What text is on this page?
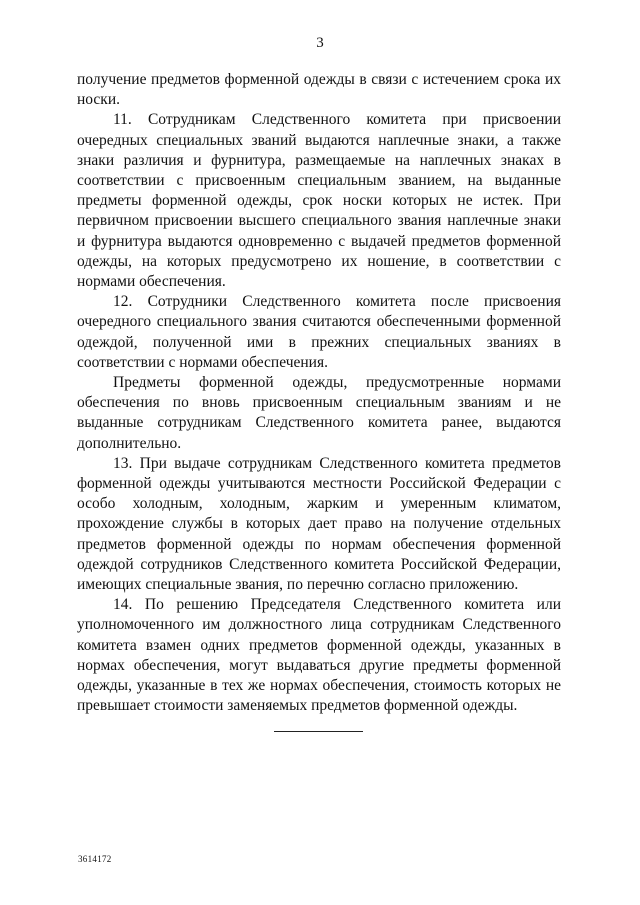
3

получение предметов форменной одежды в связи с истечением срока их носки.

11. Сотрудникам Следственного комитета при присвоении очередных специальных званий выдаются наплечные знаки, а также знаки различия и фурнитура, размещаемые на наплечных знаках в соответствии с присвоенным специальным званием, на выданные предметы форменной одежды, срок носки которых не истек. При первичном присвоении высшего специального звания наплечные знаки и фурнитура выдаются одновременно с выдачей предметов форменной одежды, на которых предусмотрено их ношение, в соответствии с нормами обеспечения.

12. Сотрудники Следственного комитета после присвоения очередного специального звания считаются обеспеченными форменной одеждой, полученной ими в прежних специальных званиях в соответствии с нормами обеспечения.

Предметы форменной одежды, предусмотренные нормами обеспечения по вновь присвоенным специальным званиям и не выданные сотрудникам Следственного комитета ранее, выдаются дополнительно.

13. При выдаче сотрудникам Следственного комитета предметов форменной одежды учитываются местности Российской Федерации с особо холодным, холодным, жарким и умеренным климатом, прохождение службы в которых дает право на получение отдельных предметов форменной одежды по нормам обеспечения форменной одеждой сотрудников Следственного комитета Российской Федерации, имеющих специальные звания, по перечню согласно приложению.

14. По решению Председателя Следственного комитета или уполномоченного им должностного лица сотрудникам Следственного комитета взамен одних предметов форменной одежды, указанных в нормах обеспечения, могут выдаваться другие предметы форменной одежды, указанные в тех же нормах обеспечения, стоимость которых не превышает стоимости заменяемых предметов форменной одежды.

3614172
